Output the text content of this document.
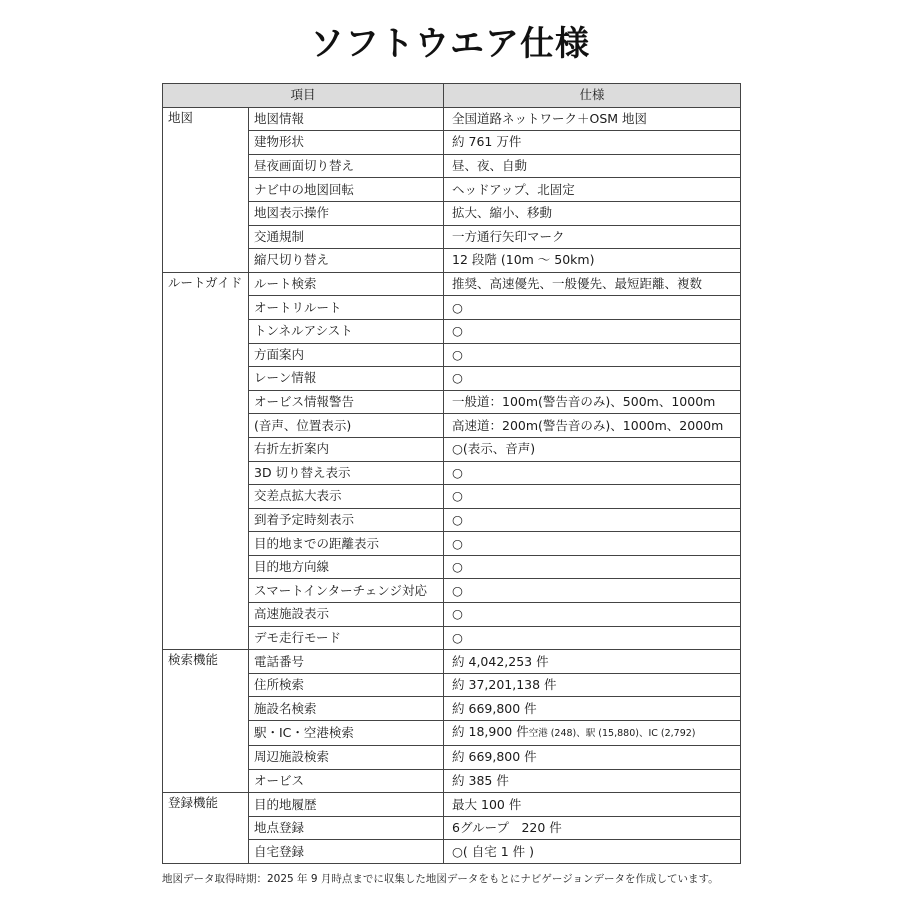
ソフトウエア仕様
項目		仕様

地図	地図情報	全国道路ネットワーク＋OSM 地図
	建物形状	約 761 万件
	昼夜画面切り替え	昼、夜、自動
	ナビ中の地図回転	ヘッドアップ、北固定
	地図表示操作	拡大、縮小、移動
	交通規制	一方通行矢印マーク
	縮尺切り替え	12 段階 (10m ～ 50km)

ルートガイド	ルート検索	推奨、高速優先、一般優先、最短距離、複数
	オートリルート	○
	トンネルアシスト	○
	方面案内	○
	レーン情報	○
	オービス情報警告	一般道：100m(警告音のみ)、500m、1000m
	(音声、位置表示)	高速道：200m(警告音のみ)、1000m、2000m
	右折左折案内	○(表示、音声)
	3D 切り替え表示	○
	交差点拡大表示	○
	到着予定時刻表示	○
	目的地までの距離表示	○
	目的地方向線	○
	スマートインターチェンジ対応	○
	高速施設表示	○
	デモ走行モード	○

検索機能	電話番号	約 4,042,253 件
	住所検索	約 37,201,138 件
	施設名検索	約 669,800 件
	駅・IC・空港検索	約 18,900 件空港 (248)、駅 (15,880)、IC (2,792)
	周辺施設検索	約 669,800 件
	オービス	約 385 件

登録機能	目的地履歴	最大 100 件
	地点登録	6グループ　220 件
	自宅登録	○( 自宅 1 件 )
地図データ取得時期：2025 年 9 月時点までに収集した地図データをもとにナビゲージョンデータを作成しています。
